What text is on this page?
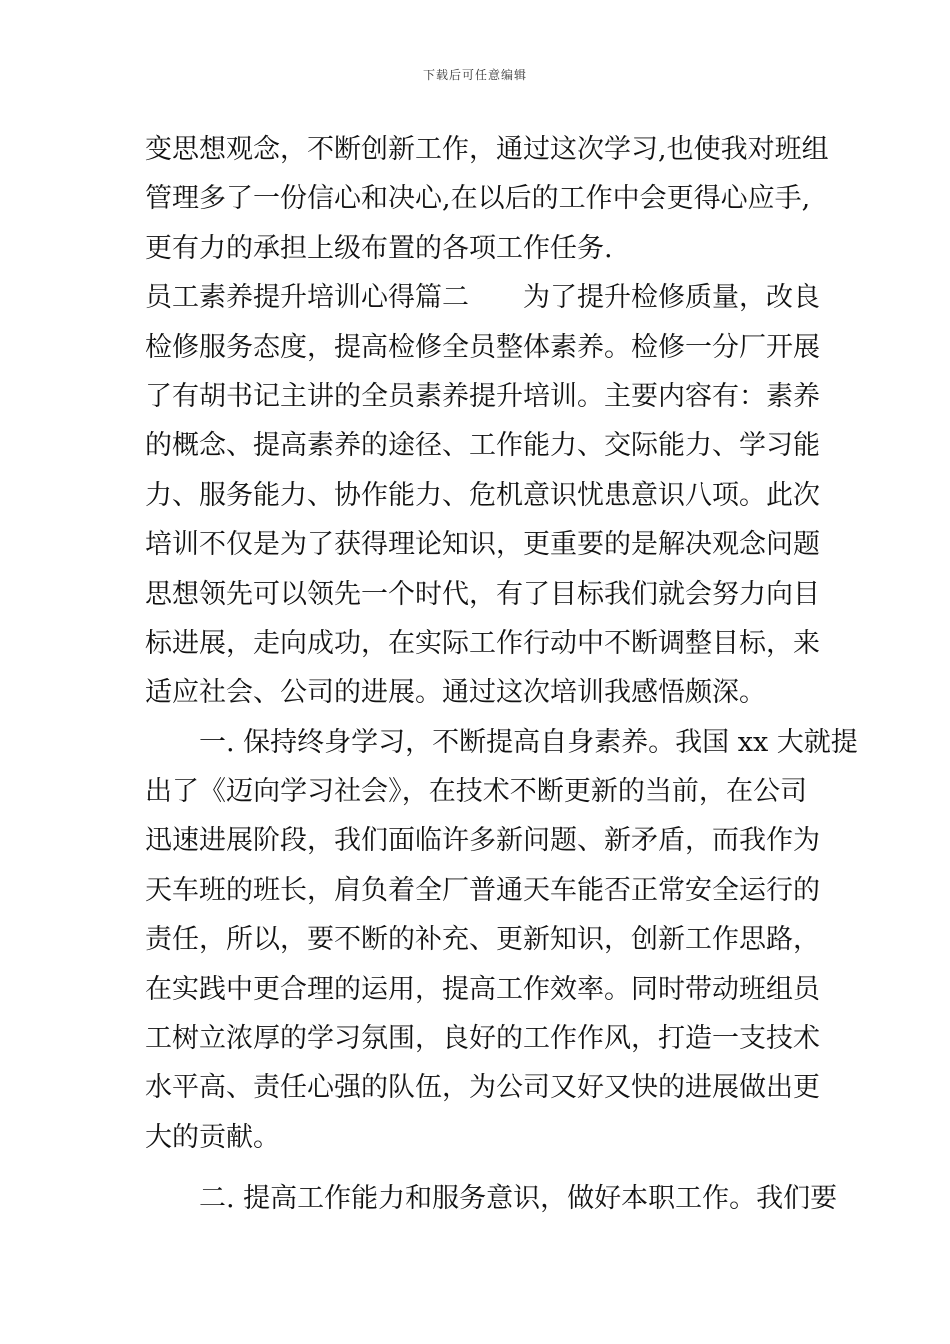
下载后可任意编辑
变思想观念，不断创新工作，通过这次学习,也使我对班组
管理多了一份信心和决心,在以后的工作中会更得心应手,
更有力的承担上级布置的各项工作任务.
员工素养提升培训心得篇二　　为了提升检修质量，改良
检修服务态度，提高检修全员整体素养。检修一分厂开展
了有胡书记主讲的全员素养提升培训。主要内容有：素养
的概念、提高素养的途径、工作能力、交际能力、学习能
力、服务能力、协作能力、危机意识忧患意识八项。此次
培训不仅是为了获得理论知识，更重要的是解决观念问题
思想领先可以领先一个时代，有了目标我们就会努力向目
标进展，走向成功，在实际工作行动中不断调整目标，来
适应社会、公司的进展。通过这次培训我感悟颇深。
一. 保持终身学习，不断提高自身素养。我国 xx 大就提
出了《迈向学习社会》，在技术不断更新的当前，在公司
迅速进展阶段，我们面临许多新问题、新矛盾，而我作为
天车班的班长，肩负着全厂普通天车能否正常安全运行的
责任，所以，要不断的补充、更新知识，创新工作思路，
在实践中更合理的运用，提高工作效率。同时带动班组员
工树立浓厚的学习氛围，良好的工作作风，打造一支技术
水平高、责任心强的队伍，为公司又好又快的进展做出更
大的贡献。
二. 提高工作能力和服务意识，做好本职工作。我们要
